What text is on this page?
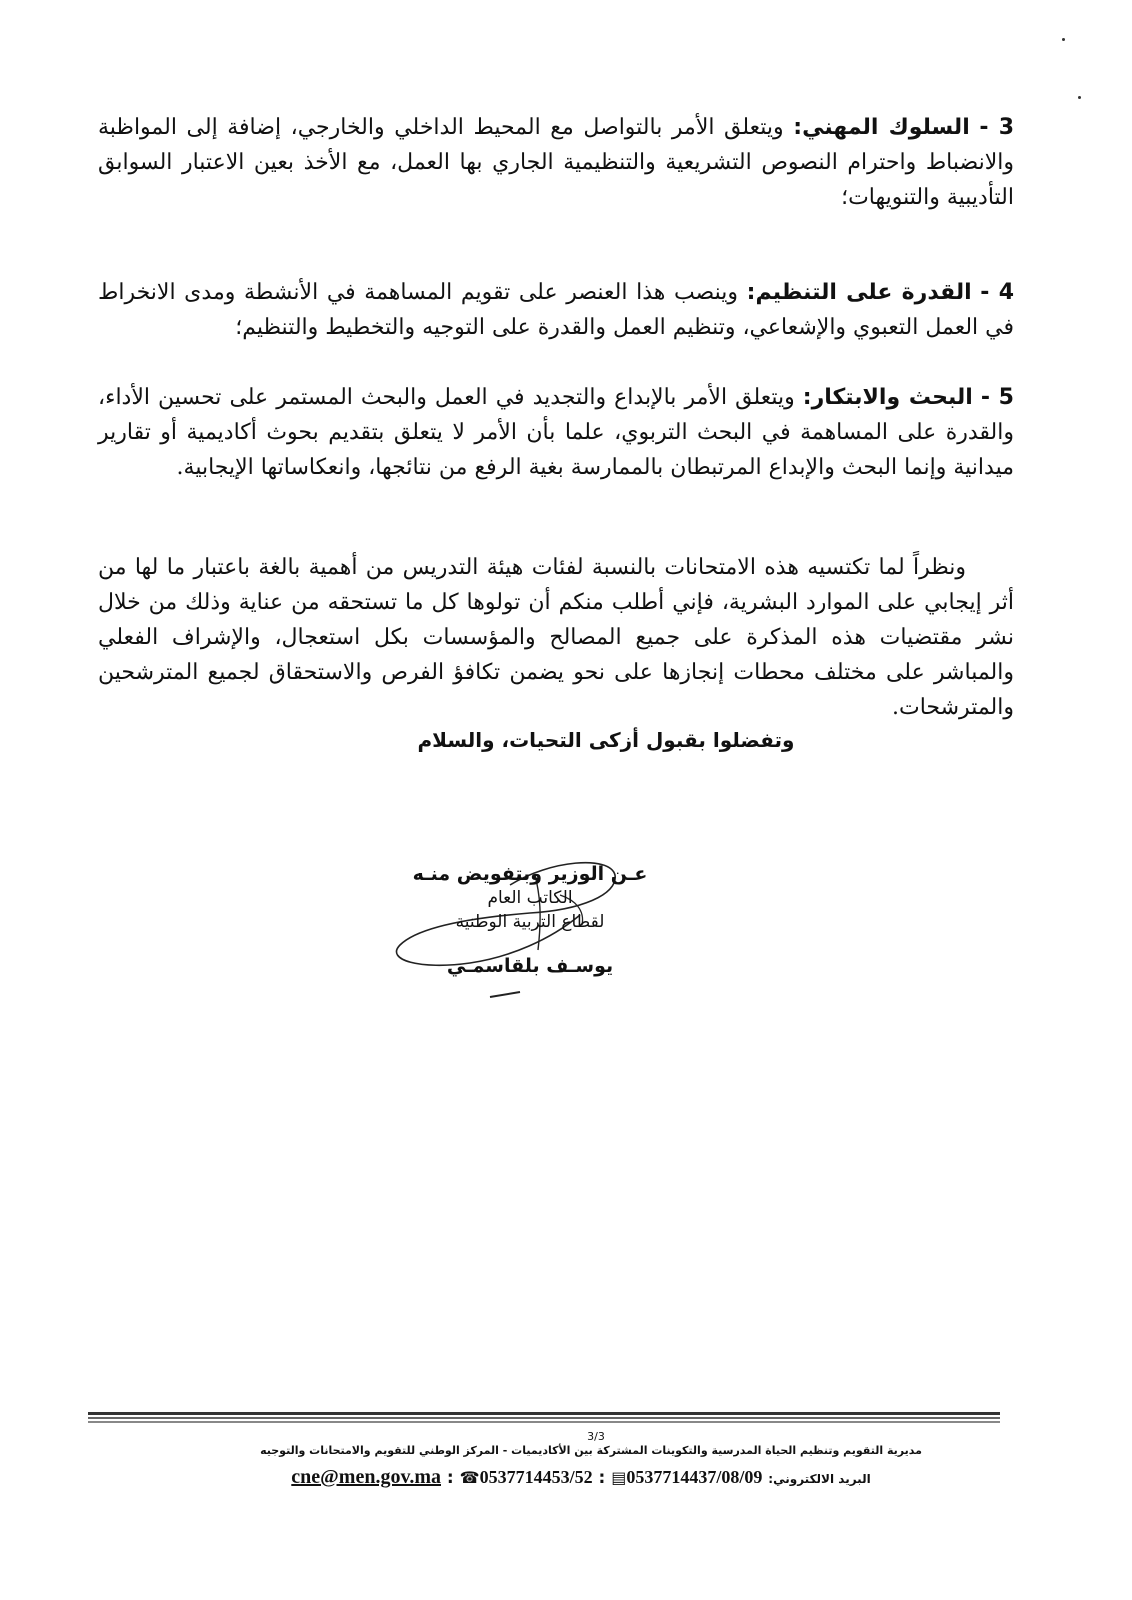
3 - السلوك المهني: ويتعلق الأمر بالتواصل مع المحيط الداخلي والخارجي، إضافة إلى المواظبة والانضباط واحترام النصوص التشريعية والتنظيمية الجاري بها العمل، مع الأخذ بعين الاعتبار السوابق التأديبية والتنويهات؛

4 - القدرة على التنظيم: وينصب هذا العنصر على تقويم المساهمة في الأنشطة ومدى الانخراط في العمل التعبوي والإشعاعي، وتنظيم العمل والقدرة على التوجيه والتخطيط والتنظيم؛

5 - البحث والابتكار: ويتعلق الأمر بالإبداع والتجديد في العمل والبحث المستمر على تحسين الأداء، والقدرة على المساهمة في البحث التربوي، علما بأن الأمر لا يتعلق بتقديم بحوث أكاديمية أو تقارير ميدانية وإنما البحث والإبداع المرتبطان بالممارسة بغية الرفع من نتائجها، وانعكاساتها الإيجابية.

ونظراً لما تكتسيه هذه الامتحانات بالنسبة لفئات هيئة التدريس من أهمية بالغة باعتبار ما لها من أثر إيجابي على الموارد البشرية، فإني أطلب منكم أن تولوها كل ما تستحقه من عناية وذلك من خلال نشر مقتضيات هذه المذكرة على جميع المصالح والمؤسسات بكل استعجال، والإشراف الفعلي والمباشر على مختلف محطات إنجازها على نحو يضمن تكافؤ الفرص والاستحقاق لجميع المترشحين والمترشحات.

وتفضلوا بقبول أزكى التحيات، والسلام
عـن الوزير وبتفويض منـه
الكاتب العام
لقطاع التربية الوطنية
يوسـف بلقاسمـي
3/3
مديرية التقويم وتنظيم الحياة المدرسية والتكوينات المشتركة بين الأكاديميات - المركز الوطني للتقويم والامتحانات والتوجيه
البريد الالكتروني: cne@men.gov.ma : ☎0537714453/52 : ▤0537714437/08/09
